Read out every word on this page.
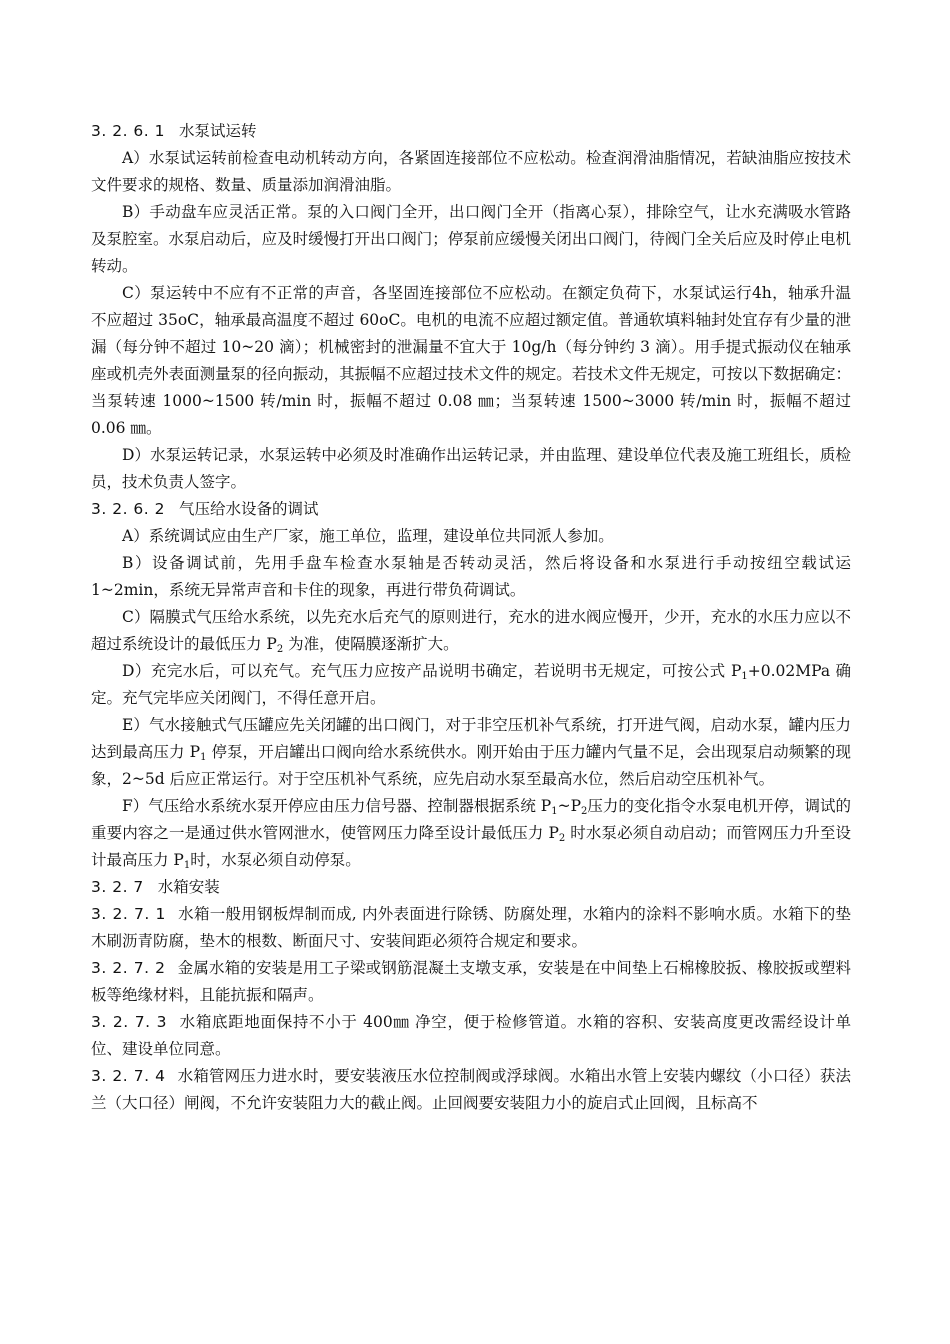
3. 2. 6. 1 水泵试运转

A）水泵试运转前检查电动机转动方向，各紧固连接部位不应松动。检查润滑油脂情况，若缺油脂应按技术文件要求的规格、数量、质量添加润滑油脂。

B）手动盘车应灵活正常。泵的入口阀门全开，出口阀门全开（指离心泵），排除空气，让水充满吸水管路及泵腔室。水泵启动后，应及时缓慢打开出口阀门；停泵前应缓慢关闭出口阀门，待阀门全关后应及时停止电机转动。

C）泵运转中不应有不正常的声音，各坚固连接部位不应松动。在额定负荷下，水泵试运行4h，轴承升温不应超过 35oC，轴承最高温度不超过 60oC。电机的电流不应超过额定值。普通软填料轴封处宜存有少量的泄漏（每分钟不超过 10~20 滴）；机械密封的泄漏量不宜大于 10g/h（每分钟约 3 滴）。用手提式振动仪在轴承座或机壳外表面测量泵的径向振动，其振幅不应超过技术文件的规定。若技术文件无规定，可按以下数据确定：当泵转速 1000~1500 转/min 时，振幅不超过 0.08 ㎜；当泵转速 1500~3000 转/min 时，振幅不超过 0.06 ㎜。

D）水泵运转记录，水泵运转中必须及时准确作出运转记录，并由监理、建设单位代表及施工班组长，质检员，技术负责人签字。

3. 2. 6. 2 气压给水设备的调试

A）系统调试应由生产厂家，施工单位，监理，建设单位共同派人参加。

B）设备调试前，先用手盘车检查水泵轴是否转动灵活，然后将设备和水泵进行手动按纽空载试运 1~2min，系统无异常声音和卡住的现象，再进行带负荷调试。

C）隔膜式气压给水系统，以先充水后充气的原则进行，充水的进水阀应慢开，少开，充水的水压力应以不超过系统设计的最低压力 $P_2$ 为准，使隔膜逐渐扩大。

D）充完水后，可以充气。充气压力应按产品说明书确定，若说明书无规定，可按公式 $P_1+0.02MPa$ 确定。充气完毕应关闭阀门，不得任意开启。

E）气水接触式气压罐应先关闭罐的出口阀门，对于非空压机补气系统，打开进气阀，启动水泵，罐内压力达到最高压力 $P_1$ 停泵，开启罐出口阀向给水系统供水。刚开始由于压力罐内气量不足，会出现泵启动频繁的现象，2~5d 后应正常运行。对于空压机补气系统，应先启动水泵至最高水位，然后启动空压机补气。

F）气压给水系统水泵开停应由压力信号器、控制器根据系统 $P_1\sim P_2$压力的变化指令水泵电机开停，调试的重要内容之一是通过供水管网泄水，使管网压力降至设计最低压力 $P_2$ 时水泵必须自动启动；而管网压力升至设计最高压力 $P_1$时，水泵必须自动停泵。

3. 2. 7 水箱安装

3. 2. 7. 1 水箱一般用钢板焊制而成, 内外表面进行除锈、防腐处理，水箱内的涂料不影响水质。水箱下的垫木刷沥青防腐，垫木的根数、断面尺寸、安装间距必须符合规定和要求。

3. 2. 7. 2 金属水箱的安装是用工子梁或钢筋混凝土支墩支承，安装是在中间垫上石棉橡胶扳、橡胶扳或塑料板等绝缘材料，且能抗振和隔声。

3. 2. 7. 3 水箱底距地面保持不小于 400㎜ 净空，便于检修管道。水箱的容积、安装高度更改需经设计单位、建设单位同意。

3. 2. 7. 4 水箱管网压力进水时，要安装液压水位控制阀或浮球阀。水箱出水管上安装内螺纹（小口径）获法兰（大口径）闸阀，不允许安装阻力大的截止阀。止回阀要安装阻力小的旋启式止回阀，且标高不
